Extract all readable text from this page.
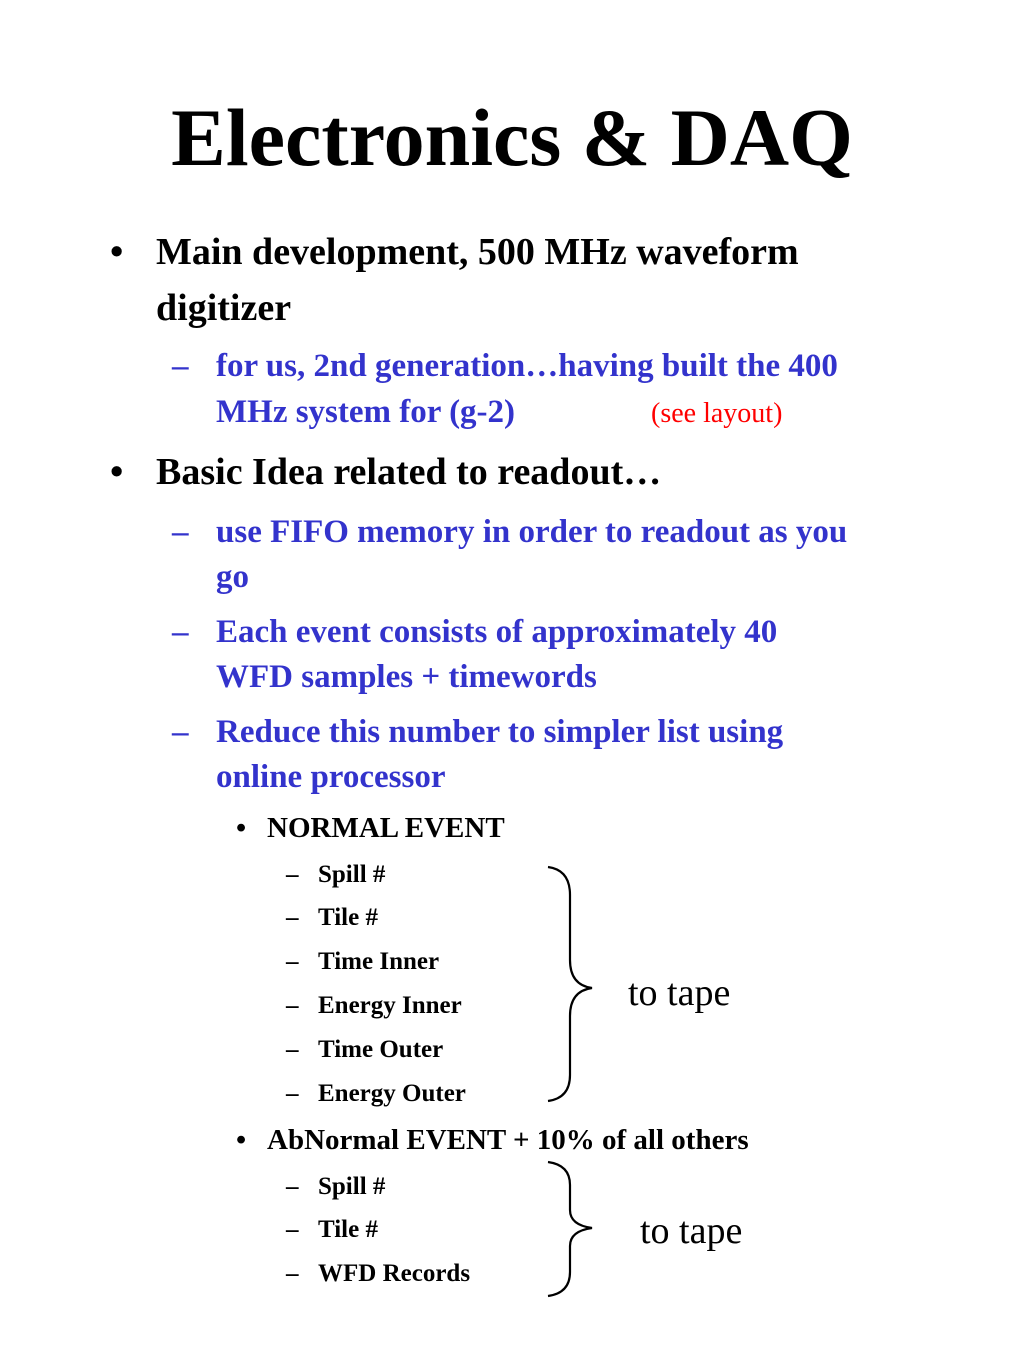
Electronics & DAQ
• Main development, 500 MHz waveform
digitizer
– for us, 2nd generation…having built the 400
MHz system for (g-2)	(see layout)
• Basic Idea related to readout…
– use FIFO memory in order to readout as you
go
– Each event consists of approximately 40
WFD samples + timewords
– Reduce this number to simpler list using
online processor
• NORMAL EVENT
– Spill #
– Tile #
– Time Inner
– Energy Inner
– Time Outer
– Energy Outer
to tape
• AbNormal EVENT + 10% of all others
– Spill #
– Tile #
– WFD Records
to tape
